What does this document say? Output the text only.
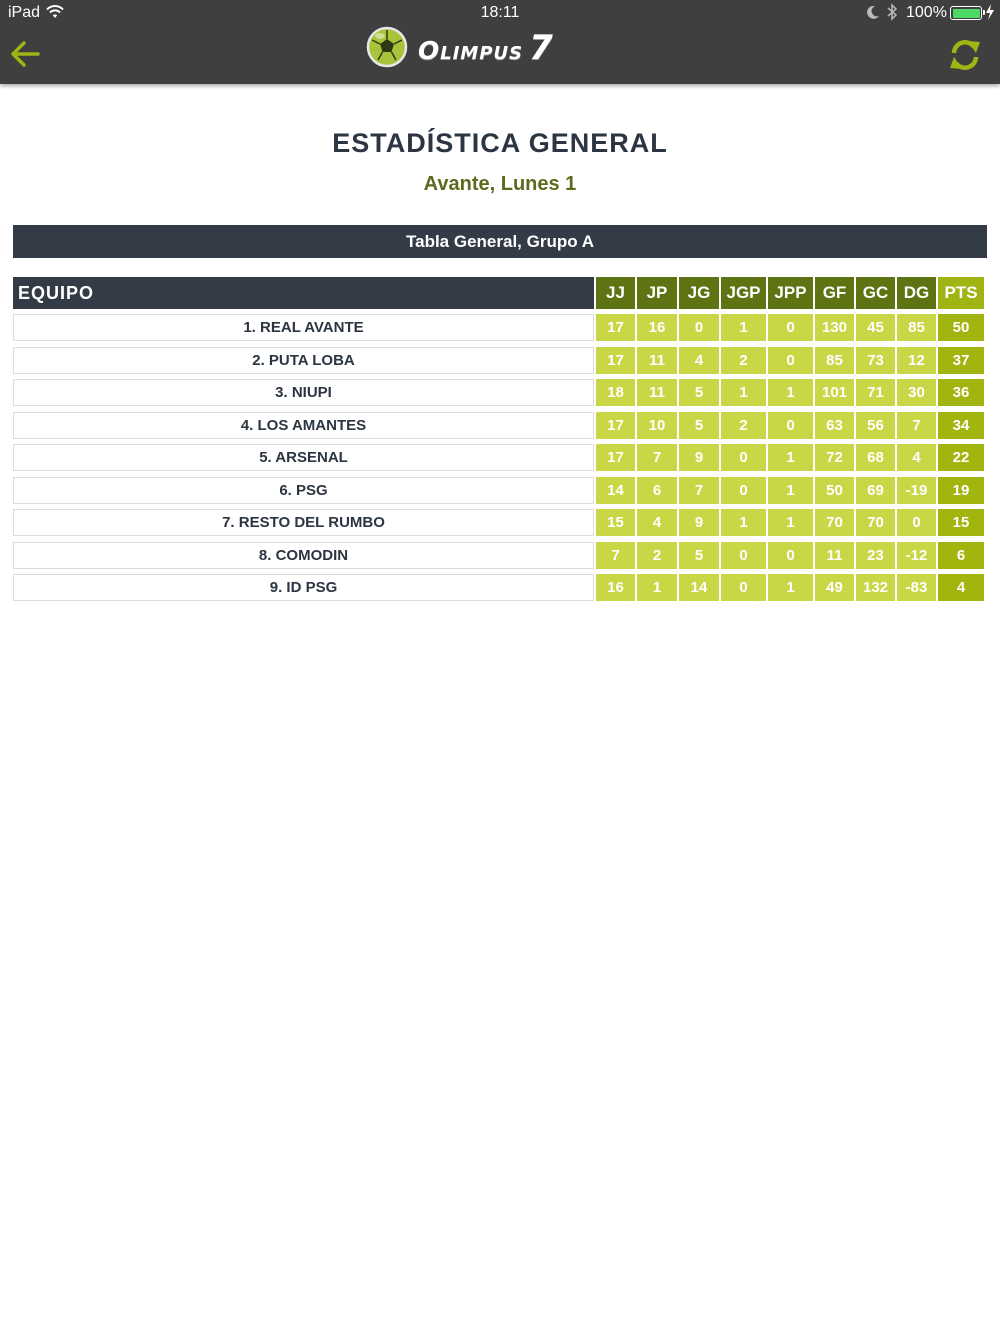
iPad	18:11	100%
Olimpus 7
ESTADÍSTICA GENERAL
Avante, Lunes 1
Tabla General, Grupo A
EQUIPO	JJ	JP	JG JGP JPP GF GC DG PTS
1. REAL AVANTE	17	16	0	1	0	130	45	85	50
2. PUTA LOBA	17	11	4	2	0	85	73	12	37
3. NIUPI	18	11	5	1	1	101	71	30	36
4. LOS AMANTES	17	10	5	2	0	63	56	7	34
5. ARSENAL	17	7	9	0	1	72	68	4	22
6. PSG	14	6	7	0	1	50	69	-19	19
7. RESTO DEL RUMBO	15	4	9	1	1	70	70	0	15
8. COMODIN	7	2	5	0	0	11	23	-12	6
9. ID PSG	16	1	14	0	1	49	132	-83	4
